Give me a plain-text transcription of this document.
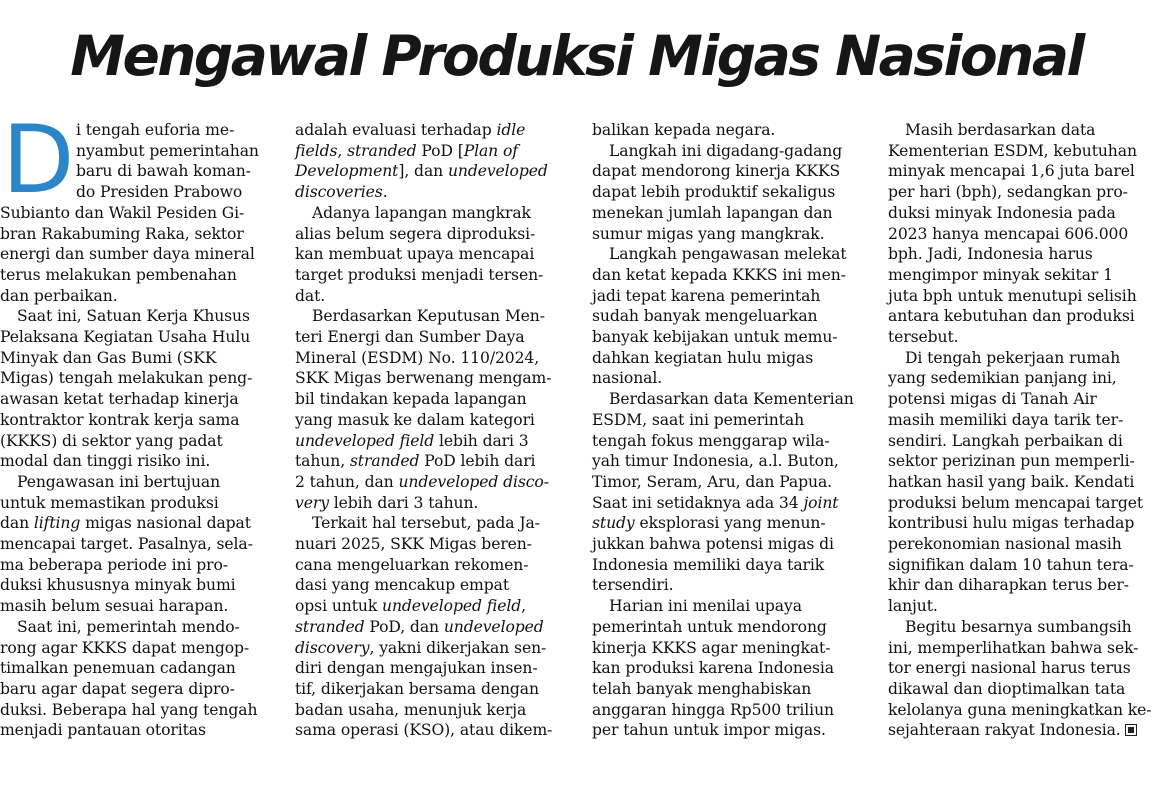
Mengawal Produksi Migas Nasional
D i tengah euforia me-
nyambut pemerintahan
baru di bawah koman-
do Presiden Prabowo
Subianto dan Wakil Pesiden Gi-
bran Rakabuming Raka, sektor
energi dan sumber daya mineral
terus melakukan pembenahan
dan perbaikan.
Saat ini, Satuan Kerja Khusus
Pelaksana Kegiatan Usaha Hulu
Minyak dan Gas Bumi (SKK
Migas) tengah melakukan peng-
awasan ketat terhadap kinerja
kontraktor kontrak kerja sama
(KKKS) di sektor yang padat
modal dan tinggi risiko ini.
Pengawasan ini bertujuan
untuk memastikan produksi
dan lifting migas nasional dapat
mencapai target. Pasalnya, sela-
ma beberapa periode ini pro-
duksi khususnya minyak bumi
masih belum sesuai harapan.
Saat ini, pemerintah mendo-
rong agar KKKS dapat mengop-
timalkan penemuan cadangan
baru agar dapat segera dipro-
duksi. Beberapa hal yang tengah
menjadi pantauan otoritas
adalah evaluasi terhadap idle
fields, stranded PoD [Plan of
Development], dan undeveloped
discoveries.
Adanya lapangan mangkrak
alias belum segera diproduksi-
kan membuat upaya mencapai
target produksi menjadi tersen-
dat.
Berdasarkan Keputusan Men-
teri Energi dan Sumber Daya
Mineral (ESDM) No. 110/2024,
SKK Migas berwenang mengam-
bil tindakan kepada lapangan
yang masuk ke dalam kategori
undeveloped field lebih dari 3
tahun, stranded PoD lebih dari
2 tahun, dan undeveloped disco-
very lebih dari 3 tahun.
Terkait hal tersebut, pada Ja-
nuari 2025, SKK Migas beren-
cana mengeluarkan rekomen-
dasi yang mencakup empat
opsi untuk undeveloped field,
stranded PoD, dan undeveloped
discovery, yakni dikerjakan sen-
diri dengan mengajukan insen-
tif, dikerjakan bersama dengan
badan usaha, menunjuk kerja
sama operasi (KSO), atau dikem-
balikan kepada negara.
Langkah ini digadang-gadang
dapat mendorong kinerja KKKS
dapat lebih produktif sekaligus
menekan jumlah lapangan dan
sumur migas yang mangkrak.
Langkah pengawasan melekat
dan ketat kepada KKKS ini men-
jadi tepat karena pemerintah
sudah banyak mengeluarkan
banyak kebijakan untuk memu-
dahkan kegiatan hulu migas
nasional.
Berdasarkan data Kementerian
ESDM, saat ini pemerintah
tengah fokus menggarap wila-
yah timur Indonesia, a.l. Buton,
Timor, Seram, Aru, dan Papua.
Saat ini setidaknya ada 34 joint
study eksplorasi yang menun-
jukkan bahwa potensi migas di
Indonesia memiliki daya tarik
tersendiri.
Harian ini menilai upaya
pemerintah untuk mendorong
kinerja KKKS agar meningkat-
kan produksi karena Indonesia
telah banyak menghabiskan
anggaran hingga Rp500 triliun
per tahun untuk impor migas.
Masih berdasarkan data
Kementerian ESDM, kebutuhan
minyak mencapai 1,6 juta barel
per hari (bph), sedangkan pro-
duksi minyak Indonesia pada
2023 hanya mencapai 606.000
bph. Jadi, Indonesia harus
mengimpor minyak sekitar 1
juta bph untuk menutupi selisih
antara kebutuhan dan produksi
tersebut.
Di tengah pekerjaan rumah
yang sedemikian panjang ini,
potensi migas di Tanah Air
masih memiliki daya tarik ter-
sendiri. Langkah perbaikan di
sektor perizinan pun memperli-
hatkan hasil yang baik. Kendati
produksi belum mencapai target
kontribusi hulu migas terhadap
perekonomian nasional masih
signifikan dalam 10 tahun tera-
khir dan diharapkan terus ber-
lanjut.
Begitu besarnya sumbangsih
ini, memperlihatkan bahwa sek-
tor energi nasional harus terus
dikawal dan dioptimalkan tata
kelolanya guna meningkatkan ke-
sejahteraan rakyat Indonesia.
